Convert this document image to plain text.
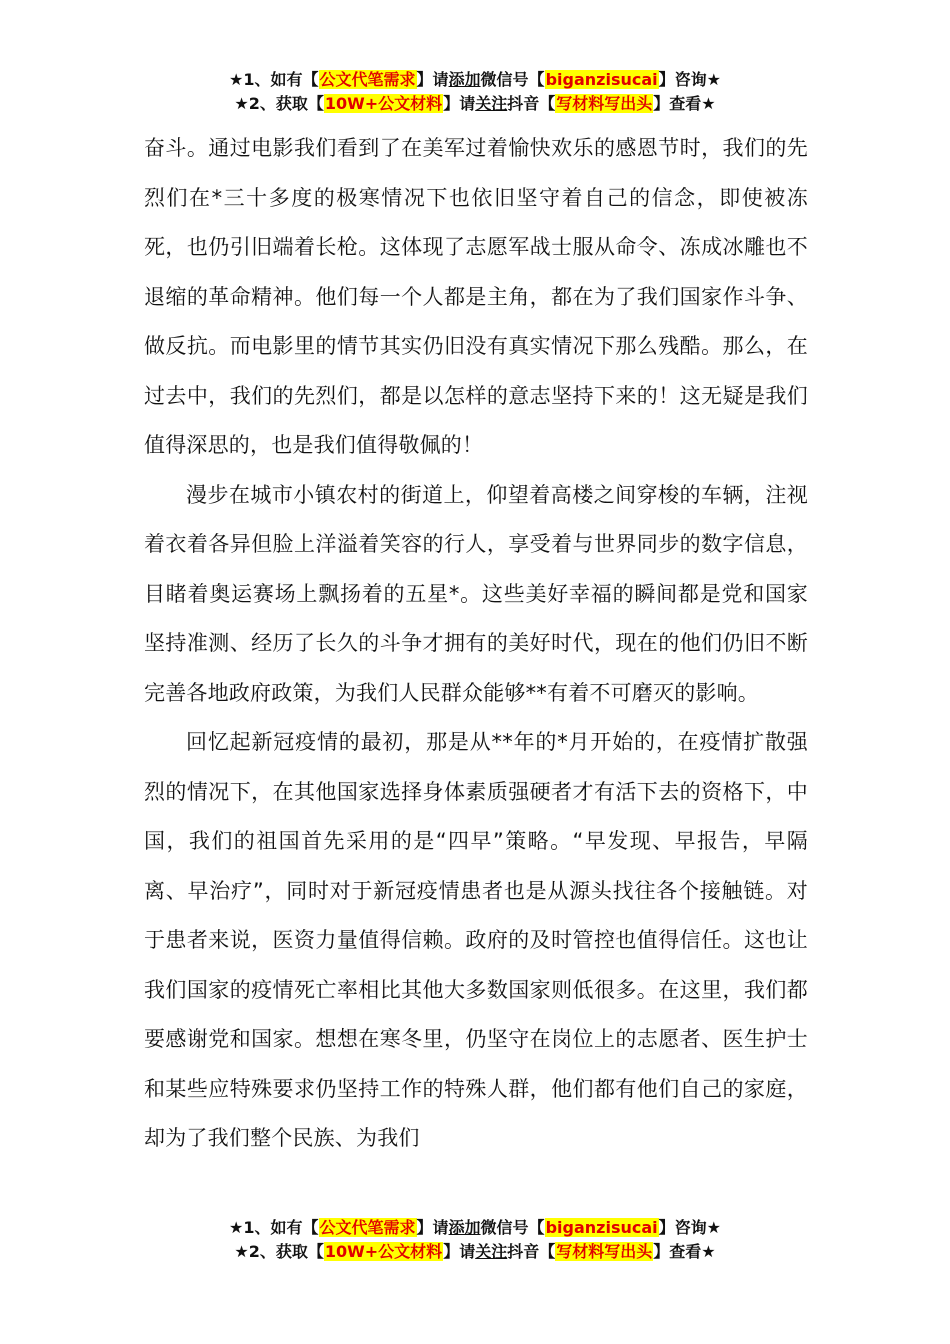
★1、如有【公文代笔需求】请添加微信号【biganzisucai】咨询★
★2、获取【10W+公文材料】请关注抖音【写材料写出头】查看★

奋斗。通过电影我们看到了在美军过着愉快欢乐的感恩节时，我们的先烈们在*三十多度的极寒情况下也依旧坚守着自己的信念，即使被冻死，也仍引旧端着长枪。这体现了志愿军战士服从命令、冻成冰雕也不退缩的革命精神。他们每一个人都是主角，都在为了我们国家作斗争、做反抗。而电影里的情节其实仍旧没有真实情况下那么残酷。那么，在过去中，我们的先烈们，都是以怎样的意志坚持下来的！这无疑是我们值得深思的，也是我们值得敬佩的！

漫步在城市小镇农村的街道上，仰望着高楼之间穿梭的车辆，注视着衣着各异但脸上洋溢着笑容的行人，享受着与世界同步的数字信息，目睹着奥运赛场上飘扬着的五星*。这些美好幸福的瞬间都是党和国家坚持准测、经历了长久的斗争才拥有的美好时代，现在的他们仍旧不断完善各地政府政策，为我们人民群众能够**有着不可磨灭的影响。

回忆起新冠疫情的最初，那是从**年的*月开始的，在疫情扩散强烈的情况下，在其他国家选择身体素质强硬者才有活下去的资格下，中国，我们的祖国首先采用的是“四早”策略。“早发现、早报告，早隔离、早治疗”，同时对于新冠疫情患者也是从源头找往各个接触链。对于患者来说，医资力量值得信赖。政府的及时管控也值得信任。这也让我们国家的疫情死亡率相比其他大多数国家则低很多。在这里，我们都要感谢党和国家。想想在寒冬里，仍坚守在岗位上的志愿者、医生护士和某些应特殊要求仍坚持工作的特殊人群，他们都有他们自己的家庭，却为了我们整个民族、为我们

★1、如有【公文代笔需求】请添加微信号【biganzisucai】咨询★
★2、获取【10W+公文材料】请关注抖音【写材料写出头】查看★
